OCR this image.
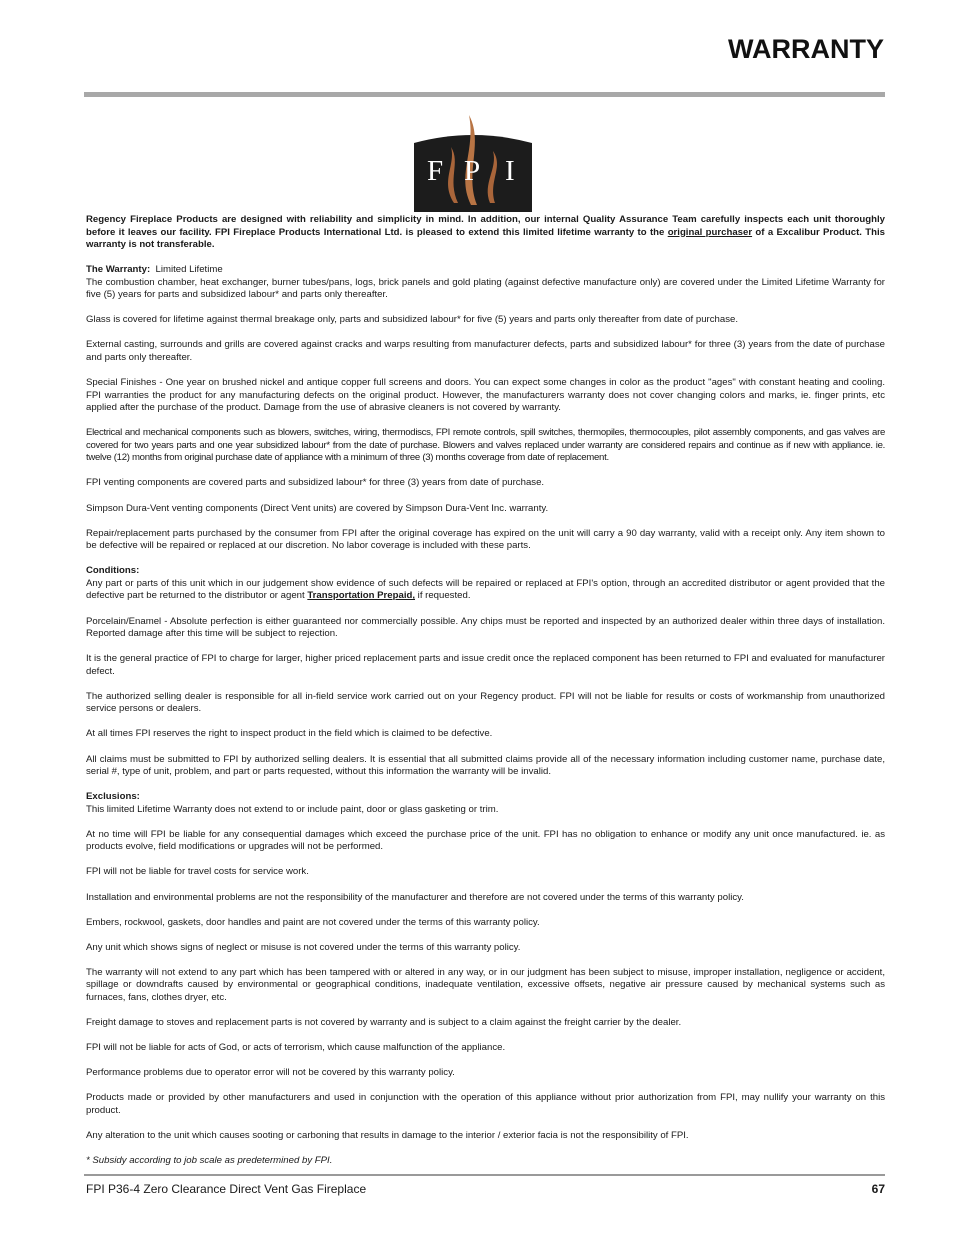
WARRANTY
F P I

Regency Fireplace Products are designed with reliability and simplicity in mind. In addition, our internal Quality Assurance Team carefully inspects each unit thoroughly before it leaves our facility. FPI Fireplace Products International Ltd. is pleased to extend this limited lifetime warranty to the original purchaser of a Excalibur Product. This warranty is not transferable.

The Warranty: Limited Lifetime
The combustion chamber, heat exchanger, burner tubes/pans, logs, brick panels and gold plating (against defective manufacture only) are covered under the Limited Lifetime Warranty for five (5) years for parts and subsidized labour* and parts only thereafter.

Glass is covered for lifetime against thermal breakage only, parts and subsidized labour* for five (5) years and parts only thereafter from date of purchase.

External casting, surrounds and grills are covered against cracks and warps resulting from manufacturer defects, parts and subsidized labour* for three (3) years from the date of purchase and parts only thereafter.

Special Finishes - One year on brushed nickel and antique copper full screens and doors. You can expect some changes in color as the product "ages" with constant heating and cooling. FPI warranties the product for any manufacturing defects on the original product. However, the manufacturers warranty does not cover changing colors and marks, ie. finger prints, etc applied after the purchase of the product. Damage from the use of abrasive cleaners is not covered by warranty.

Electrical and mechanical components such as blowers, switches, wiring, thermodiscs, FPI remote controls, spill switches, thermopiles, thermocouples, pilot assembly components, and gas valves are covered for two years parts and one year subsidized labour* from the date of purchase. Blowers and valves replaced under warranty are considered repairs and continue as if new with appliance. ie. twelve (12) months from original purchase date of appliance with a minimum of three (3) months coverage from date of replacement.

FPI venting components are covered parts and subsidized labour* for three (3) years from date of purchase.

Simpson Dura-Vent venting components (Direct Vent units) are covered by Simpson Dura-Vent Inc. warranty.

Repair/replacement parts purchased by the consumer from FPI after the original coverage has expired on the unit will carry a 90 day warranty, valid with a receipt only. Any item shown to be defective will be repaired or replaced at our discretion. No labor coverage is included with these parts.

Conditions:
Any part or parts of this unit which in our judgement show evidence of such defects will be repaired or replaced at FPI's option, through an accredited distributor or agent provided that the defective part be returned to the distributor or agent Transportation Prepaid, if requested.

Porcelain/Enamel - Absolute perfection is either guaranteed nor commercially possible. Any chips must be reported and inspected by an authorized dealer within three days of installation. Reported damage after this time will be subject to rejection.

It is the general practice of FPI to charge for larger, higher priced replacement parts and issue credit once the replaced component has been returned to FPI and evaluated for manufacturer defect.

The authorized selling dealer is responsible for all in-field service work carried out on your Regency product. FPI will not be liable for results or costs of workmanship from unauthorized service persons or dealers.

At all times FPI reserves the right to inspect product in the field which is claimed to be defective.

All claims must be submitted to FPI by authorized selling dealers. It is essential that all submitted claims provide all of the necessary information including customer name, purchase date, serial #, type of unit, problem, and part or parts requested, without this information the warranty will be invalid.

Exclusions:
This limited Lifetime Warranty does not extend to or include paint, door or glass gasketing or trim.

At no time will FPI be liable for any consequential damages which exceed the purchase price of the unit. FPI has no obligation to enhance or modify any unit once manufactured. ie. as products evolve, field modifications or upgrades will not be performed.

FPI will not be liable for travel costs for service work.

Installation and environmental problems are not the responsibility of the manufacturer and therefore are not covered under the terms of this warranty policy.

Embers, rockwool, gaskets, door handles and paint are not covered under the terms of this warranty policy.

Any unit which shows signs of neglect or misuse is not covered under the terms of this warranty policy.

The warranty will not extend to any part which has been tampered with or altered in any way, or in our judgment has been subject to misuse, improper installation, negligence or accident, spillage or downdrafts caused by environmental or geographical conditions, inadequate ventilation, excessive offsets, negative air pressure caused by mechanical systems such as furnaces, fans, clothes dryer, etc.

Freight damage to stoves and replacement parts is not covered by warranty and is subject to a claim against the freight carrier by the dealer.

FPI will not be liable for acts of God, or acts of terrorism, which cause malfunction of the appliance.

Performance problems due to operator error will not be covered by this warranty policy.

Products made or provided by other manufacturers and used in conjunction with the operation of this appliance without prior authorization from FPI, may nullify your warranty on this product.

Any alteration to the unit which causes sooting or carboning that results in damage to the interior / exterior facia is not the responsibility of FPI.

* Subsidy according to job scale as predetermined by FPI.

FPI P36-4 Zero Clearance Direct Vent Gas Fireplace	67
